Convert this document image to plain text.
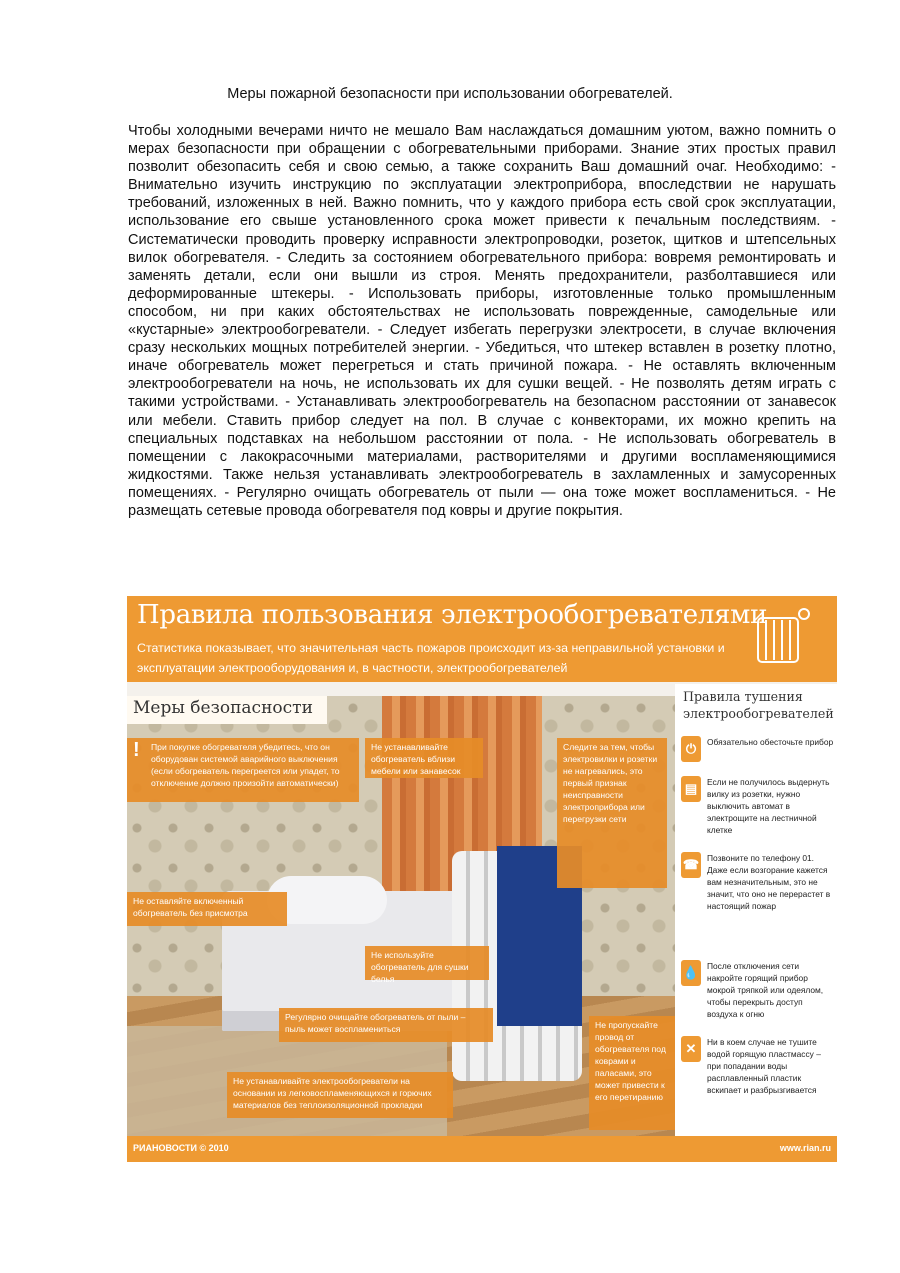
Меры пожарной безопасности при использовании обогревателей.
Чтобы холодными вечерами ничто не мешало Вам наслаждаться домашним уютом, важно помнить о мерах безопасности при обращении с обогревательными приборами. Знание этих простых правил позволит обезопасить себя и свою семью, а также сохранить Ваш домашний очаг. Необходимо: - Внимательно изучить инструкцию по эксплуатации электроприбора, впоследствии не нарушать требований, изложенных в ней. Важно помнить, что у каждого прибора есть свой срок эксплуатации, использование его свыше установленного срока может привести к печальным последствиям. - Систематически проводить проверку исправности электропроводки, розеток, щитков и штепсельных вилок обогревателя. - Следить за состоянием обогревательного прибора: вовремя ремонтировать и заменять детали, если они вышли из строя. Менять предохранители, разболтавшиеся или деформированные штекеры. - Использовать приборы, изготовленные только промышленным способом, ни при каких обстоятельствах не использовать поврежденные, самодельные или «кустарные» электрообогреватели. - Следует избегать перегрузки электросети, в случае включения сразу нескольких мощных потребителей энергии. - Убедиться, что штекер вставлен в розетку плотно, иначе обогреватель может перегреться и стать причиной пожара. - Не оставлять включенным электрообогреватели на ночь, не использовать их для сушки вещей. - Не позволять детям играть с такими устройствами. - Устанавливать электрообогреватель на безопасном расстоянии от занавесок или мебели. Ставить прибор следует на пол. В случае с конвекторами, их можно крепить на специальных подставках на небольшом расстоянии от пола. - Не использовать обогреватель в помещении с лакокрасочными материалами, растворителями и другими воспламеняющимися жидкостями. Также нельзя устанавливать электрообогреватель в захламленных и замусоренных помещениях. - Регулярно очищать обогреватель от пыли — она тоже может воспламениться. - Не размещать сетевые провода обогревателя под ковры и другие покрытия.
Правила пользования электрообогревателями
Статистика показывает, что значительная часть пожаров происходит из-за неправильной установки и эксплуатации электрооборудования и, в частности, электрообогревателей
Меры безопасности
! При покупке обогревателя убедитесь, что он оборудован системой аварийного выключения (если обогреватель перегреется или упадет, то отключение должно произойти автоматически)
Не устанавливайте обогреватель вблизи мебели или занавесок
Следите за тем, чтобы электровилки и розетки не нагревались, это первый признак неисправности электроприбора или перегрузки сети
Не оставляйте включенный обогреватель без присмотра
Не используйте обогреватель для сушки белья
Регулярно очищайте обогреватель от пыли – пыль может воспламениться	Не пропускайте провод от обогревателя под коврами и паласами, это может привести к его перетиранию
Не устанавливайте электрообогреватели на основании из легковоспламеняющихся и горючих материалов без теплоизоляционной прокладки
Правила тушения электрообогревателей
⏻	Обязательно обесточьте прибор
▤	Если не получилось выдернуть вилку из розетки, нужно выключить автомат в электрощите на лестничной клетке
☎ Позвоните по телефону 01. Даже если возгорание кажется вам незначительным, это не значит, что оно не перерастет в настоящий пожар
💧 После отключения сети накройте горящий прибор мокрой тряпкой или одеялом, чтобы перекрыть доступ воздуха к огню
✕	Ни в коем случае не тушите водой горящую пластмассу – при попадании воды расплавленный пластик вскипает и разбрызгивается
РИАНОВОСТИ © 2010	www.rian.ru
